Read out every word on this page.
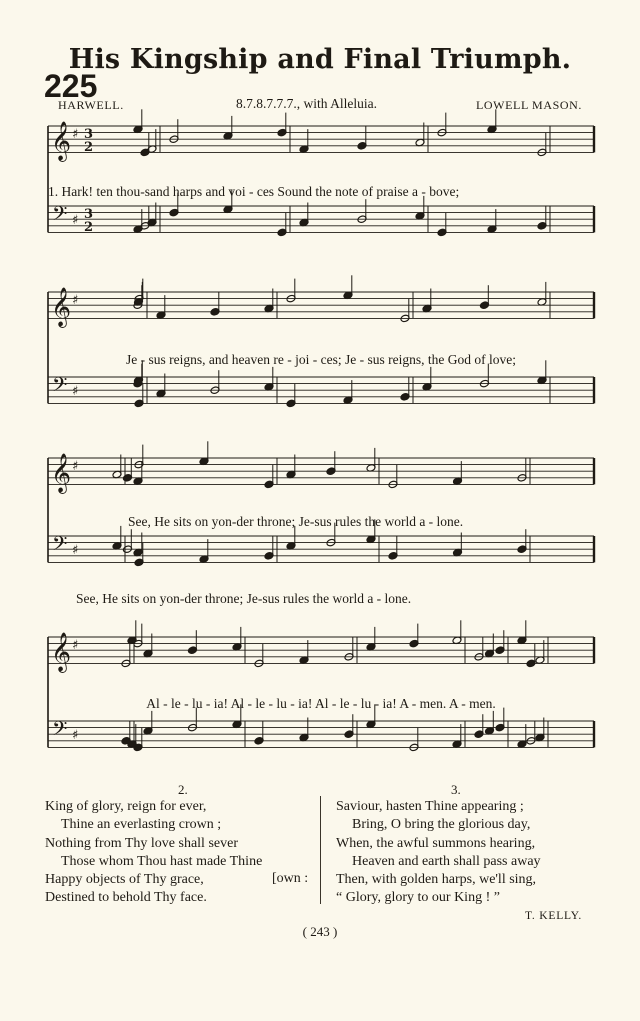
His Kingship and Final Triumph.
225
HARWELL.	8.7.8.7.7.7., with Alleluia.	LOWELL MASON.
𝄞
𝄢
♯
♯
3
2
3
2
𝄞
𝄢
♯
♯
𝄞
𝄢
♯
♯
𝄞
𝄢
♯
♯
1. Hark! ten thou-sand harps and voi - ces Sound the note of praise a - bove;
Je - sus reigns, and heaven re - joi - ces; Je - sus reigns, the God of love;
See, He sits on yon-der throne; Je-sus rules the world a - lone.
See, He sits on yon-der throne; Je-sus rules the world a - lone.
Al - le - lu - ia! Al - le - lu - ia! Al - le - lu - ia! A - men. A - men.
2.	3.
King of glory, reign for ever,
Thine an everlasting crown ;
Nothing from Thy love shall sever
Those whom Thou hast made Thine
Happy objects of Thy grace,
Destined to behold Thy face.
[own :
Saviour, hasten Thine appearing ;
Bring, O bring the glorious day,
When, the awful summons hearing,
Heaven and earth shall pass away
Then, with golden harps, we'll sing,
“ Glory, glory to our King ! ”
T. KELLY.
( 243 )
